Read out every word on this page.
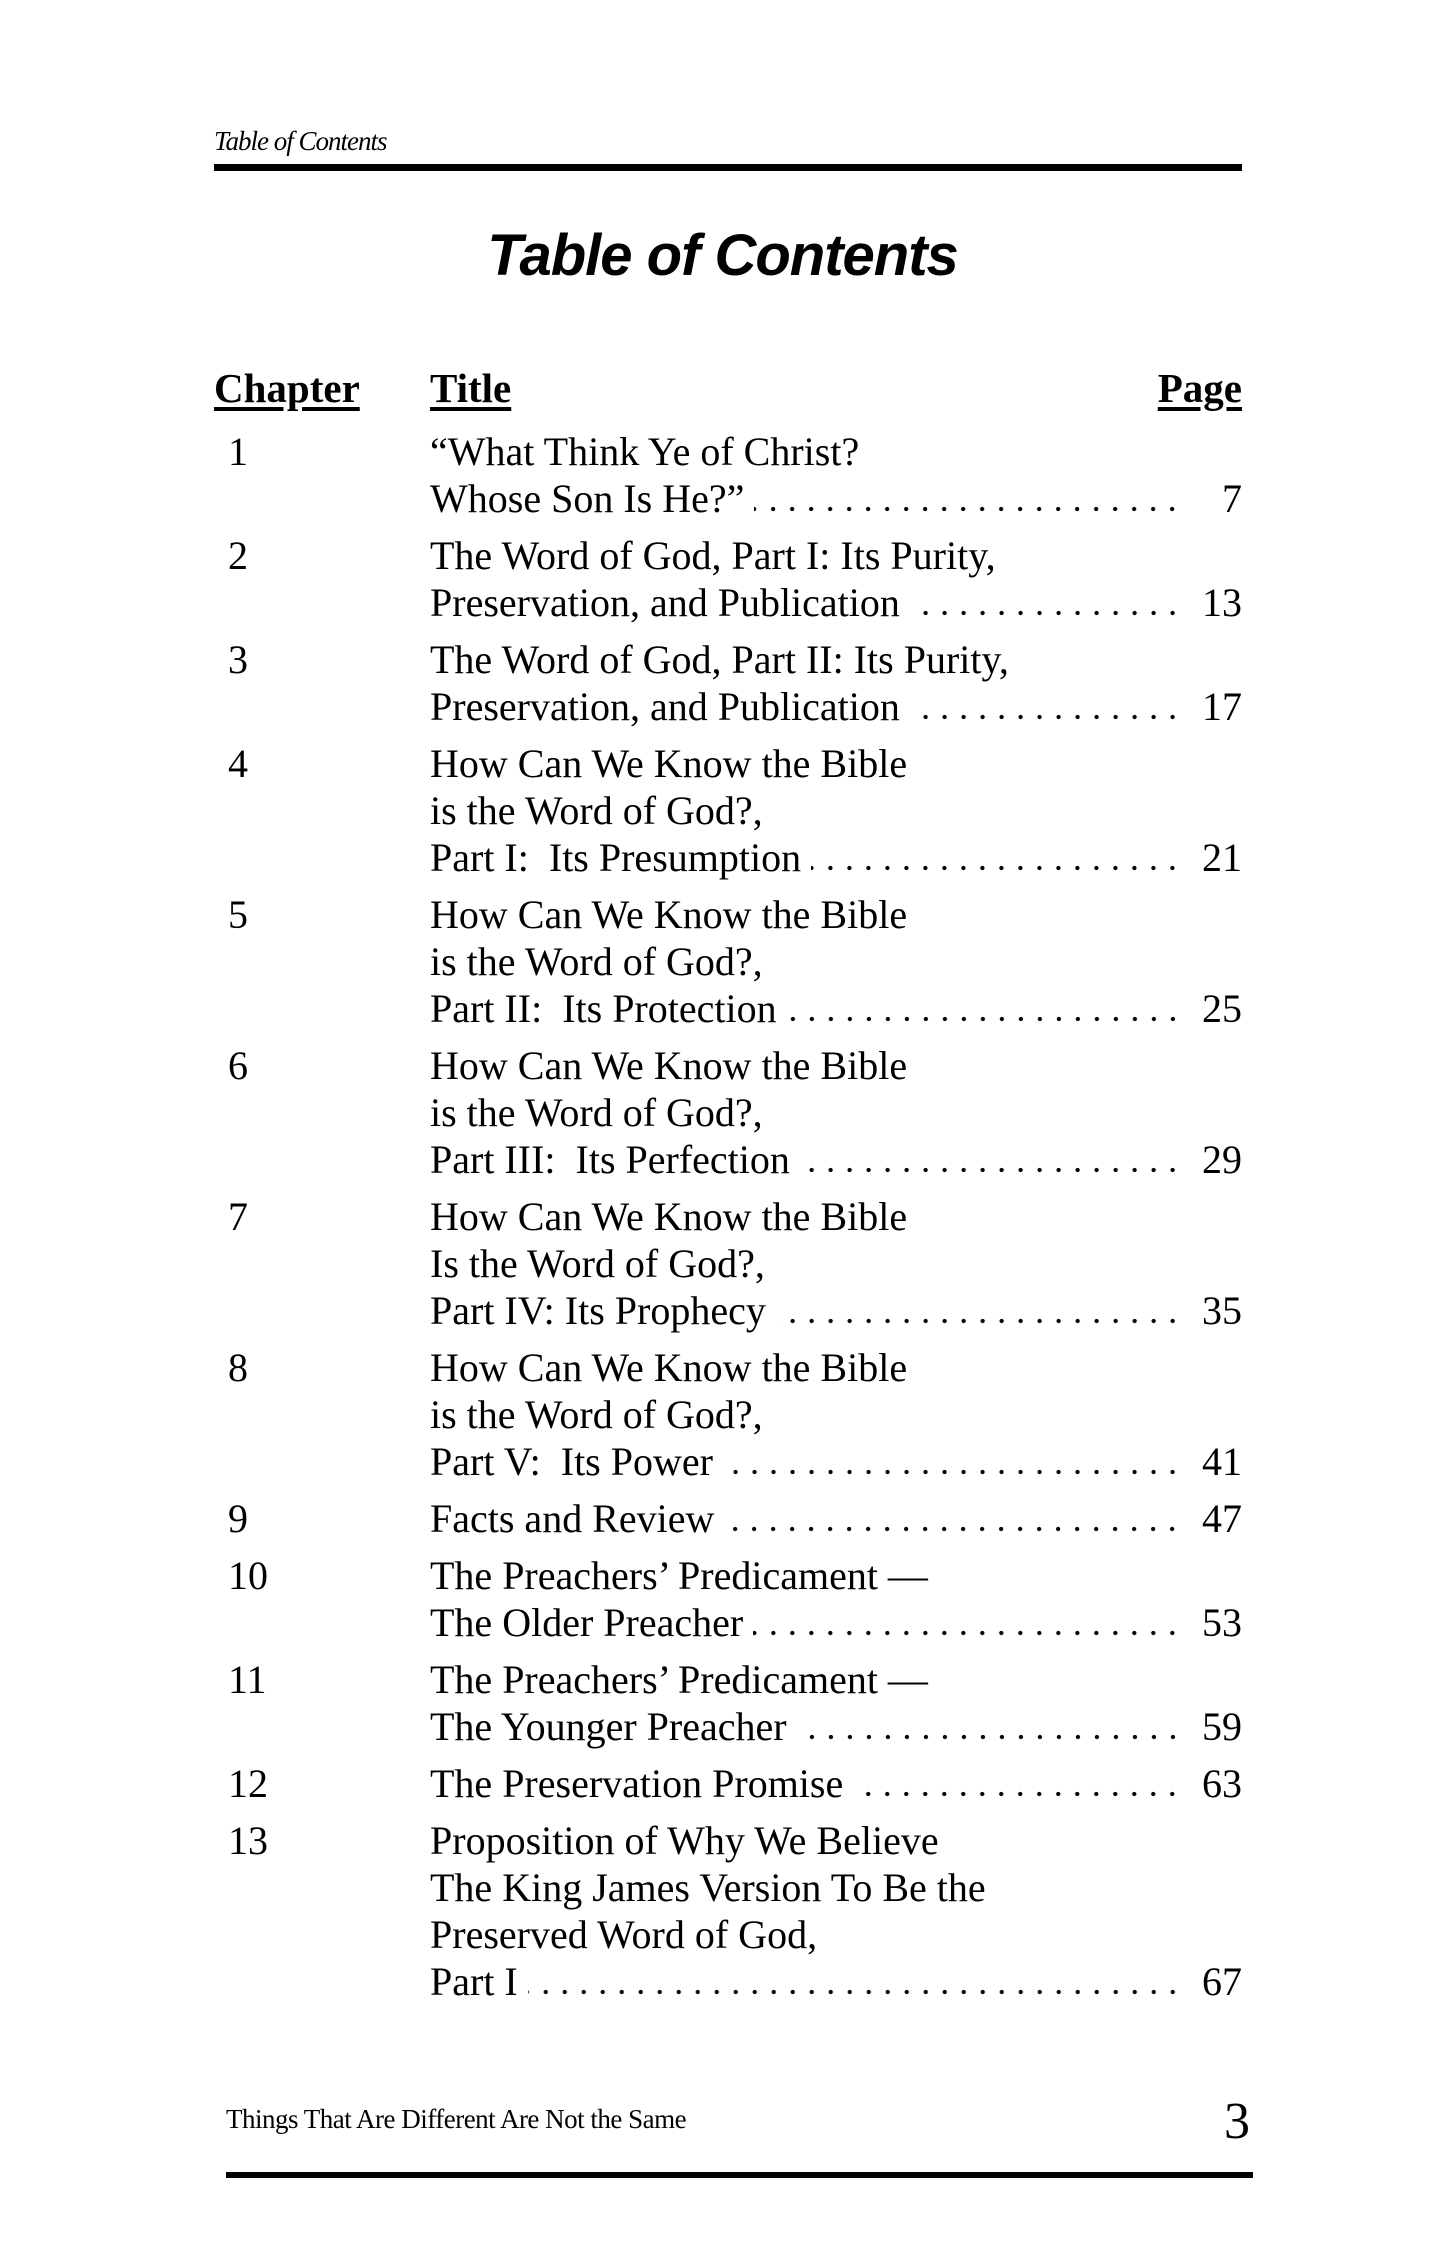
Table of Contents
Table of Contents
Chapter Title	Page
1	“What Think Ye of Christ?
Whose Son Is He?”	7
2	The Word of God, Part I: Its Purity,
Preservation, and Publication	13
3	The Word of God, Part II: Its Purity,
Preservation, and Publication	17
4	How Can We Know the Bible
is the Word of God?,
Part I:  Its Presumption	21
5	How Can We Know the Bible
is the Word of God?,
Part II:  Its Protection	25
6	How Can We Know the Bible
is the Word of God?,
Part III:  Its Perfection	29
7	How Can We Know the Bible
Is the Word of God?,
Part IV: Its Prophecy	35
8	How Can We Know the Bible
is the Word of God?,
Part V:  Its Power	41
9	Facts and Review	47
10	The Preachers’ Predicament —
The Older Preacher	53
11	The Preachers’ Predicament —
The Younger Preacher	59
12	The Preservation Promise	63
13	Proposition of Why We Believe
The King James Version To Be the
Preserved Word of God,
Part I	67
Things That Are Different Are Not the Same	3
